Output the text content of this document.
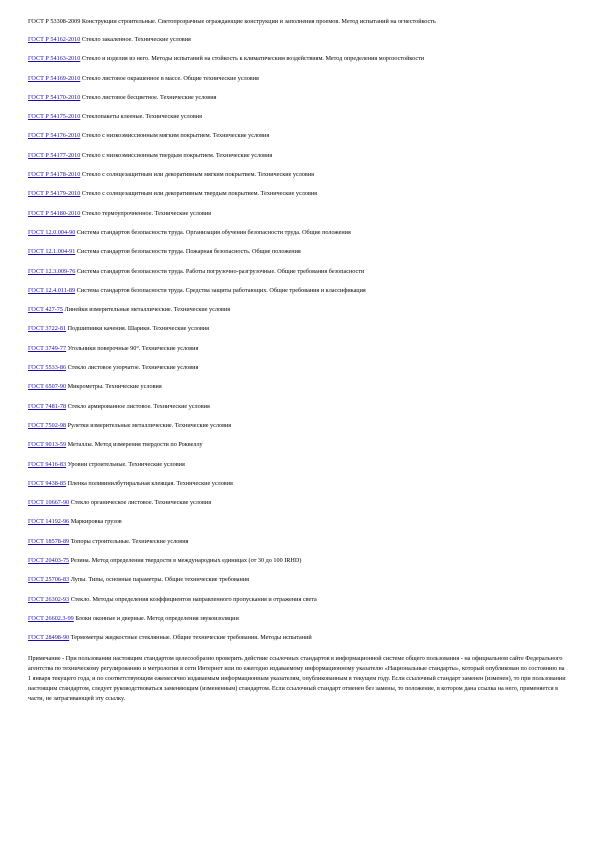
ГОСТ Р 53308-2009 Конструкции строительные. Светопрозрачные ограждающие конструкции и заполнения проемов. Метод испытаний на огнестойкость
ГОСТ Р 54162-2010 Стекло закаленное. Технические условия
ГОСТ Р 54163-2010 Стекло и изделия из него. Методы испытаний на стойкость к климатическим воздействиям. Метод определения морозостойкости
ГОСТ Р 54169-2010 Стекло листовое окрашенное в массе. Общие технические условия
ГОСТ Р 54170-2010 Стекло листовое бесцветное. Технические условия
ГОСТ Р 54175-2010 Стеклопакеты клееные. Технические условия
ГОСТ Р 54176-2010 Стекло с низкоэмиссионным мягким покрытием. Технические условия
ГОСТ Р 54177-2010 Стекло с низкоэмиссионным твердым покрытием. Технические условия
ГОСТ Р 54178-2010 Стекло с солнцезащитным или декоративным мягким покрытием. Технические условия
ГОСТ Р 54179-2010 Стекло с солнцезащитным или декоративным твердым покрытием. Технические условия
ГОСТ Р 54180-2010 Стекло термоупрочненное. Технические условия
ГОСТ 12.0.004-90 Система стандартов безопасности труда. Организация обучения безопасности труда. Общие положения
ГОСТ 12.1.004-91 Система стандартов безопасности труда. Пожарная безопасность. Общие положения
ГОСТ 12.3.009-76 Система стандартов безопасности труда. Работы погрузочно-разгрузочные. Общие требования безопасности
ГОСТ 12.4.011-89 Система стандартов безопасности труда. Средства защиты работающих. Общие требования и классификация
ГОСТ 427-75 Линейки измерительные металлические. Технические условия
ГОСТ 3722-81 Подшипники качения. Шарики. Технические условия
ГОСТ 3749-77 Угольники поверочные 90°. Технические условия
ГОСТ 5533-86 Стекло листовое узорчатое. Технические условия
ГОСТ 6507-90 Микрометры. Технические условия
ГОСТ 7481-78 Стекло армированное листовое. Технические условия
ГОСТ 7502-98 Рулетки измерительные металлические. Технические условия
ГОСТ 9013-59 Металлы. Метод измерения твердости по Роквеллу
ГОСТ 9416-83 Уровни строительные. Технические условия
ГОСТ 9438-85 Пленка поливинилбутиральная клеящая. Технические условия
ГОСТ 10667-90 Стекло органическое листовое. Технические условия
ГОСТ 14192-96 Маркировка грузов
ГОСТ 18578-89 Топоры строительные. Технические условия
ГОСТ 20403-75 Резина. Метод определения твердости в международных единицах (от 30 до 100 IRHD)
ГОСТ 25706-83 Лупы. Типы, основные параметры. Общие технические требования
ГОСТ 26302-93 Стекло. Методы определения коэффициентов направленного пропускания и отражения света
ГОСТ 26602.3-99 Блоки оконные и дверные. Метод определения звукоизоляции
ГОСТ 28498-90 Термометры жидкостные стеклянные. Общие технические требования. Методы испытаний
Примечание - При пользовании настоящим стандартом целесообразно проверить действие ссылочных стандартов в информационной системе общего пользования - на официальном сайте Федерального агентства по техническому регулированию и метрологии в сети Интернет или по ежегодно издаваемому информационному указателю «Национальные стандарты», который опубликован по состоянию на 1 января текущего года, и по соответствующим ежемесячно издаваемым информационным указателям, опубликованным в текущем году. Если ссылочный стандарт заменен (изменен), то при пользовании настоящим стандартом, следует руководствоваться заменяющим (измененным) стандартом. Если ссылочный стандарт отменен без замены, то положение, в котором дана ссылка на него, применяется в части, не затрагивающей эту ссылку.
